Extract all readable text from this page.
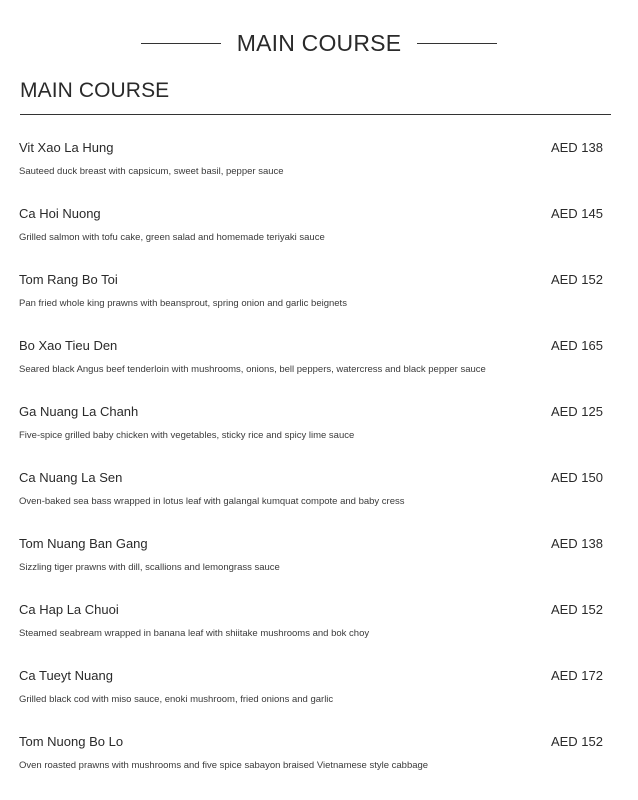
MAIN COURSE
MAIN COURSE
Vit Xao La Hung	AED 138
Sauteed duck breast with capsicum, sweet basil, pepper sauce
Ca Hoi Nuong	AED 145
Grilled salmon with tofu cake, green salad and homemade teriyaki sauce
Tom Rang Bo Toi	AED 152
Pan fried whole king prawns with beansprout, spring onion and garlic beignets
Bo Xao Tieu Den	AED 165
Seared black Angus beef tenderloin with mushrooms, onions, bell peppers, watercress and black pepper sauce
Ga Nuang La Chanh	AED 125
Five-spice grilled baby chicken with vegetables, sticky rice and spicy lime sauce
Ca Nuang La Sen	AED 150
Oven-baked sea bass wrapped in lotus leaf with galangal kumquat compote and baby cress
Tom Nuang Ban Gang	AED 138
Sizzling tiger prawns with dill, scallions and lemongrass sauce
Ca Hap La Chuoi	AED 152
Steamed seabream wrapped in banana leaf with shiitake mushrooms and bok choy
Ca Tueyt Nuang	AED 172
Grilled black cod with miso sauce, enoki mushroom, fried onions and garlic
Tom Nuong Bo Lo	AED 152
Oven roasted prawns with mushrooms and five spice sabayon braised Vietnamese style cabbage
